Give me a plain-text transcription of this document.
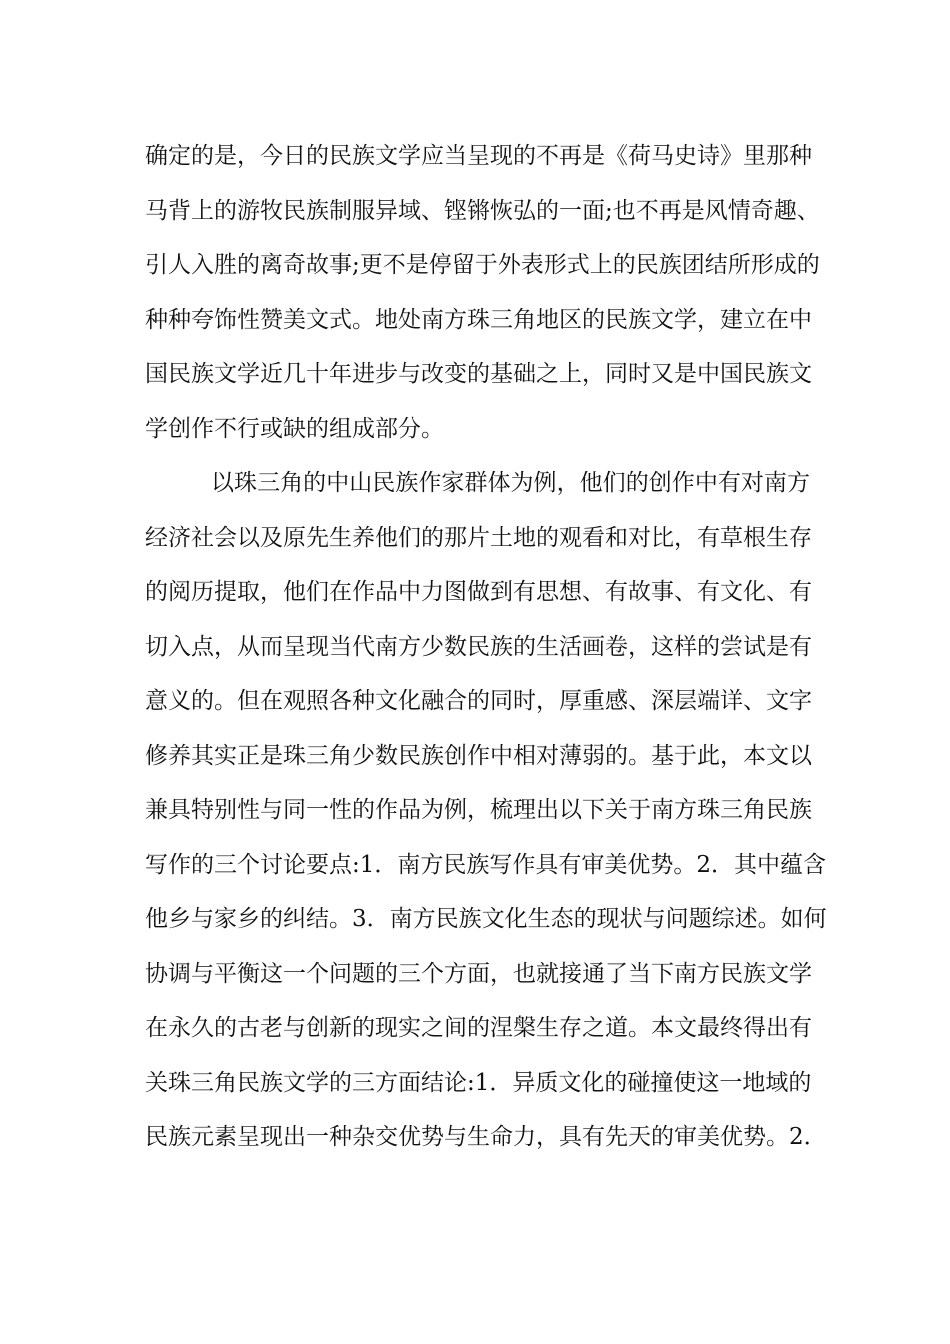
确定的是，今日的民族文学应当呈现的不再是《荷马史诗》里那种
马背上的游牧民族制服异域、铿锵恢弘的一面;也不再是风情奇趣、
引人入胜的离奇故事;更不是停留于外表形式上的民族团结所形成的
种种夸饰性赞美文式。地处南方珠三角地区的民族文学，建立在中
国民族文学近几十年进步与改变的基础之上，同时又是中国民族文
学创作不行或缺的组成部分。
以珠三角的中山民族作家群体为例，他们的创作中有对南方
经济社会以及原先生养他们的那片土地的观看和对比，有草根生存
的阅历提取，他们在作品中力图做到有思想、有故事、有文化、有
切入点，从而呈现当代南方少数民族的生活画卷，这样的尝试是有
意义的。但在观照各种文化融合的同时，厚重感、深层端详、文字
修养其实正是珠三角少数民族创作中相对薄弱的。基于此，本文以
兼具特别性与同一性的作品为例，梳理出以下关于南方珠三角民族
写作的三个讨论要点:1．南方民族写作具有审美优势。2．其中蕴含
他乡与家乡的纠结。3．南方民族文化生态的现状与问题综述。如何
协调与平衡这一个问题的三个方面，也就接通了当下南方民族文学
在永久的古老与创新的现实之间的涅槃生存之道。本文最终得出有
关珠三角民族文学的三方面结论:1．异质文化的碰撞使这一地域的
民族元素呈现出一种杂交优势与生命力，具有先天的审美优势。2．
